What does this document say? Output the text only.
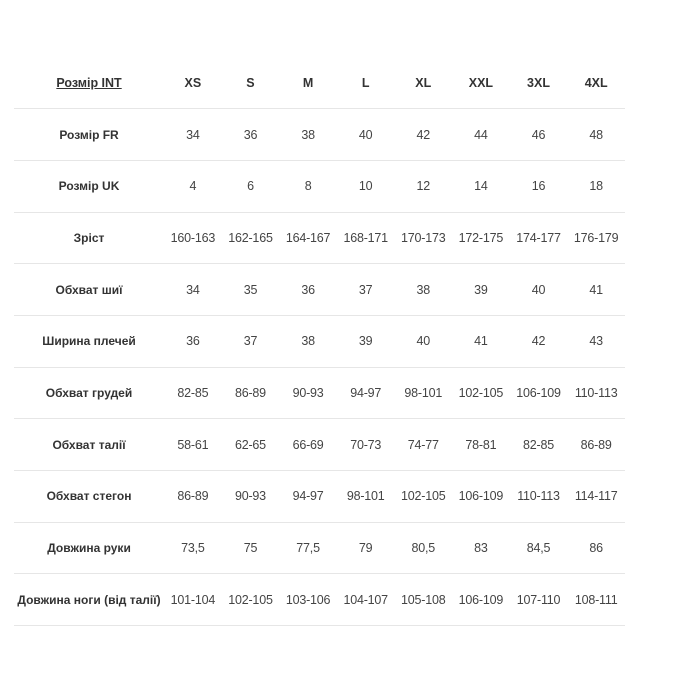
Розмір INT	XS	S	M	L	XL	XXL	3XL	4XL
Розмір FR	34	36	38	40	42	44	46	48
Розмір UK	4	6	8	10	12	14	16	18
Зріст	160-163	162-165	164-167	168-171	170-173	172-175	174-177	176-179
Обхват шиї	34	35	36	37	38	39	40	41
Ширина плечей	36	37	38	39	40	41	42	43
Обхват грудей	82-85	86-89	90-93	94-97	98-101	102-105	106-109	110-113
Обхват талії	58-61	62-65	66-69	70-73	74-77	78-81	82-85	86-89
Обхват стегон	86-89	90-93	94-97	98-101	102-105	106-109	110-113	114-117
Довжина руки	73,5	75	77,5	79	80,5	83	84,5	86
Довжина ноги (від талії)	101-104	102-105	103-106	104-107	105-108	106-109	107-110	108-111
